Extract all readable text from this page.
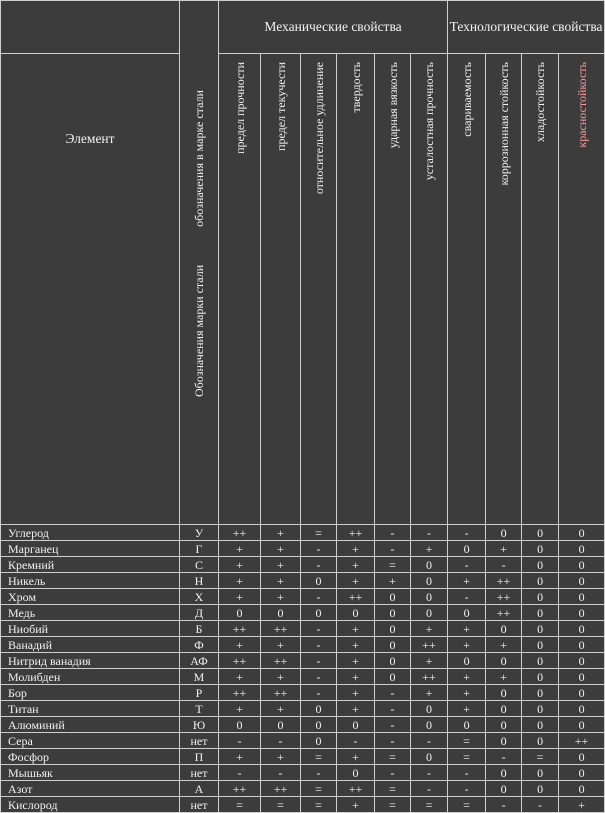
	Обозначения марки стали  обозначения в марке стали	Механические свойства						Технологические свойства			
Элемент		предел прочности	предел текучести	относительное удлинение	твердость	ударная вязкость	усталостная прочность	свариваемость	коррозионная стойкость	хладостойкость	красностойкость
Углерод	У	++	+	=	++	-	-	-	0	0	0
Марганец	Г	+	+	-	+	-	+	0	+	0	0
Кремний	С	+	+	-	+	=	0	-	-	0	0
Никель	Н	+	+	0	+	+	0	+	++	0	0
Хром	Х	+	+	-	++	0	0	-	++	0	0
Медь	Д	0	0	0	0	0	0	0	++	0	0
Ниобий	Б	++	++	-	+	0	+	+	0	0	0
Ванадий	Ф	+	+	-	+	0	++	+	+	0	0
Нитрид ванадия	АФ	++	++	-	+	0	+	0	0	0	0
Молибден	М	+	+	-	+	0	++	+	+	0	0
Бор	Р	++	++	-	+	-	+	+	0	0	0
Титан	Т	+	+	0	+	-	0	+	0	0	0
Алюминий	Ю	0	0	0	0	-	0	0	0	0	0
Сера	нет	-	-	0	-	-	-	=	0	0	++
Фосфор	П	+	+	=	+	=	0	=	-	=	0
Мышьяк	нет	-	-	-	0	-	-	-	0	0	0
Азот	А	++	++	=	++	=	-	-	0	0	0
Кислород	нет	=	=	=	+	=	=	=	-	-	+
